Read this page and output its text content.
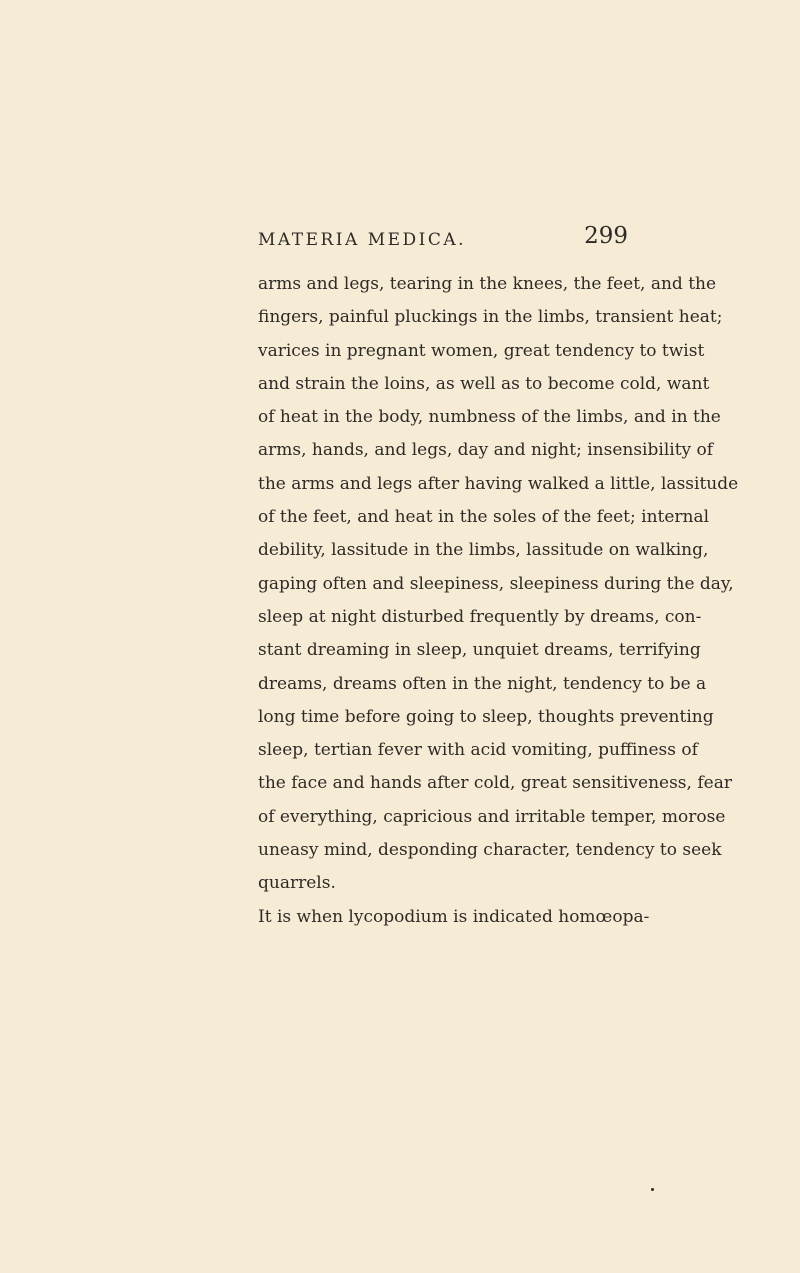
MATERIA MEDICA.	299
arms and legs, tearing in the knees, the feet, and the
fingers, painful pluckings in the limbs, transient heat;
varices in pregnant women, great tendency to twist
and strain the loins, as well as to become cold, want
of heat in the body, numbness of the limbs, and in the
arms, hands, and legs, day and night; insensibility of
the arms and legs after having walked a little, lassitude
of the feet, and heat in the soles of the feet; internal
debility, lassitude in the limbs, lassitude on walking,
gaping often and sleepiness, sleepiness during the day,
sleep at night disturbed frequently by dreams, con-
stant dreaming in sleep, unquiet dreams, terrifying
dreams, dreams often in the night, tendency to be a
long time before going to sleep, thoughts preventing
sleep, tertian fever with acid vomiting, puffiness of
the face and hands after cold, great sensitiveness, fear
of everything, capricious and irritable temper, morose
uneasy mind, desponding character, tendency to seek
quarrels.
It is when lycopodium is indicated homœopa-
